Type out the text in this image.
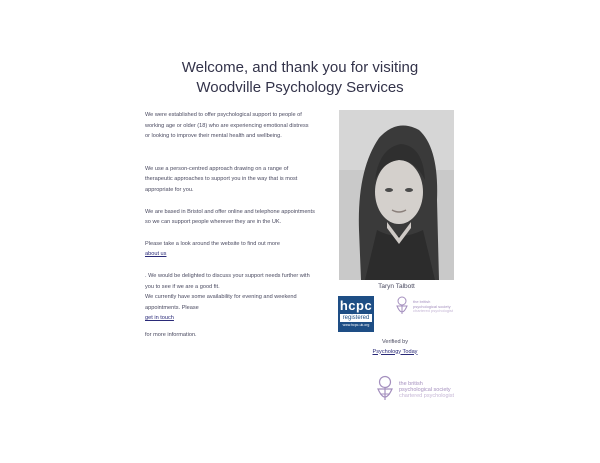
Welcome, and thank you for visiting Woodville Psychology Services

We were established to offer psychological support to people of working age or older (18) who are experiencing emotional distress or looking to improve their mental health and wellbeing.

We use a person-centred approach drawing on a range of therapeutic approaches to support you in the way that is most appropriate for you.

We are based in Bristol and offer online and telephone appointments so we can support people wherever they are in the UK.

Please take a look around the website to find out more

about us

. We would be delighted to discuss your support needs further with you to see if we are a good fit.

We currently have some availability for evening and weekend appointments. Please

get in touch

for more information.

Taryn Talbott
hcpc
registered
www.hcpc-uk.org
the british
psychological society
chartered psychologist
Verified by
Psychology Today
the british
psychological society
chartered psychologist
